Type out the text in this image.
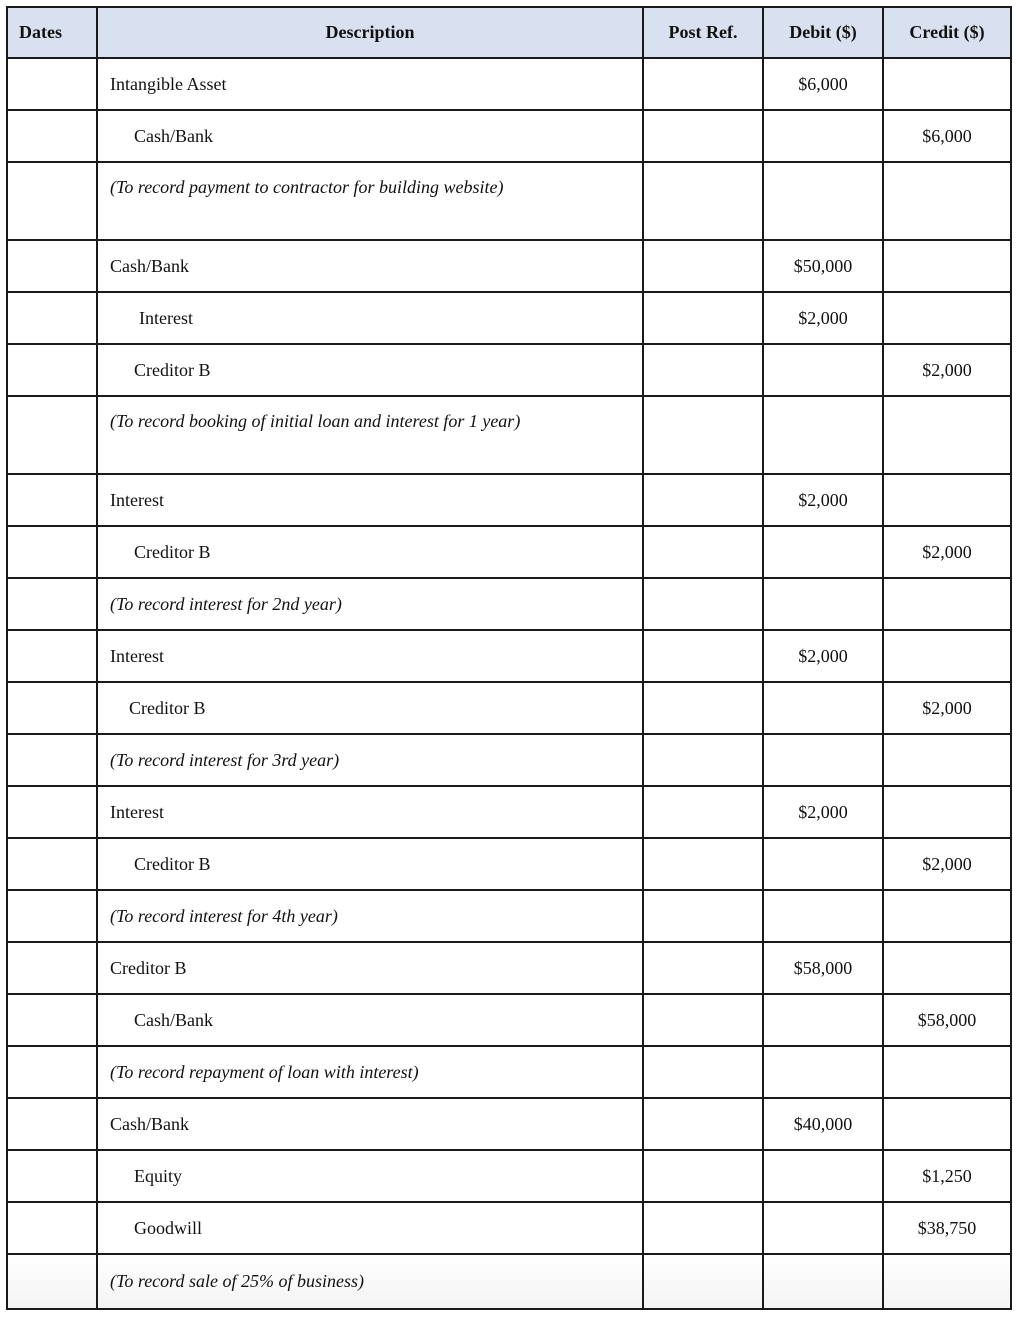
Dates	Description	Post Ref.	Debit ($)	Credit ($)
	Intangible Asset		$6,000	
	Cash/Bank			$6,000
	(To record payment to contractor for building website)			
	Cash/Bank		$50,000	
	Interest		$2,000	
	Creditor B			$2,000
	(To record booking of initial loan and interest for 1 year)			
	Interest		$2,000	
	Creditor B			$2,000
	(To record interest for 2nd year)			
	Interest		$2,000	
	Creditor B			$2,000
	(To record interest for 3rd year)			
	Interest		$2,000	
	Creditor B			$2,000
	(To record interest for 4th year)			
	Creditor B		$58,000	
	Cash/Bank			$58,000
	(To record repayment of loan with interest)			
	Cash/Bank		$40,000	
	Equity			$1,250
	Goodwill			$38,750
	(To record sale of 25% of business)			
